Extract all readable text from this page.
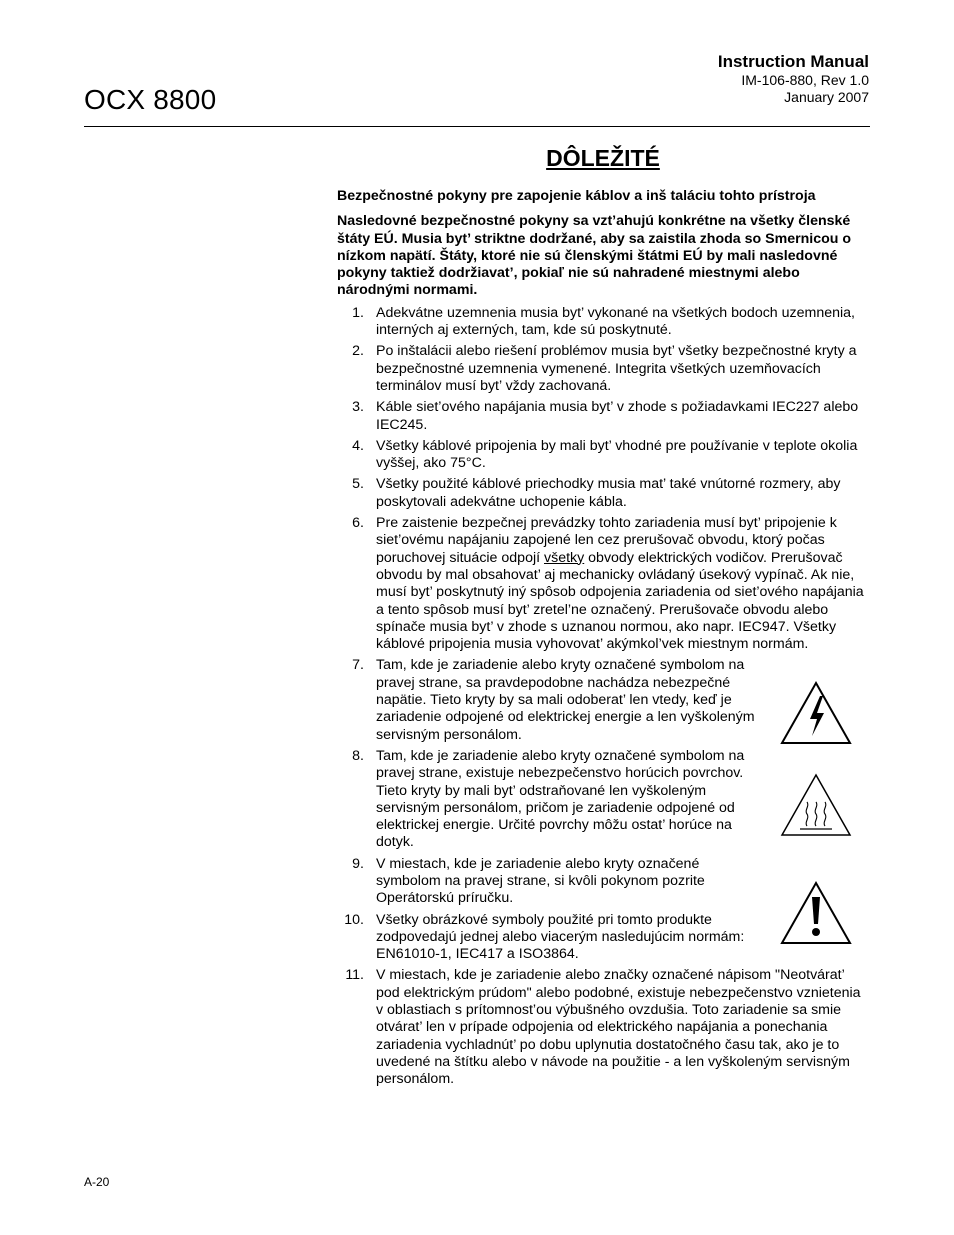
OCX 8800
Instruction Manual
IM-106-880, Rev 1.0
January 2007
DÔLEŽITÉ

Bezpečnostné pokyny pre zapojenie káblov a inš taláciu tohto prístroja

Nasledovné bezpečnostné pokyny sa vzt’ahujú konkrétne na všetky členské štáty EÚ. Musia byt’ striktne dodržané, aby sa zaistila zhoda so Smernicou o nízkom napätí. Štáty, ktoré nie sú členskými štátmi EÚ by mali nasledovné pokyny taktiež dodržiavat’, pokiaľ nie sú nahradené miestnymi alebo národnými normami.

1. Adekvátne uzemnenia musia byt’ vykonané na všetkých bodoch uzemnenia, interných aj externých, tam, kde sú poskytnuté.
2. Po inštalácii alebo riešení problémov musia byt’ všetky bezpečnostné kryty a bezpečnostné uzemnenia vymenené. Integrita všetkých uzemňovacích terminálov musí byt’ vždy zachovaná.
3. Káble siet’ového napájania musia byt’ v zhode s požiadavkami IEC227 alebo IEC245.
4. Všetky káblové pripojenia by mali byt’ vhodné pre používanie v teplote okolia vyššej, ako 75°C.
5. Všetky použité káblové priechodky musia mat’ také vnútorné rozmery, aby poskytovali adekvátne uchopenie kábla.
6. Pre zaistenie bezpečnej prevádzky tohto zariadenia musí byt’ pripojenie k siet’ovému napájaniu zapojené len cez prerušovač obvodu, ktorý počas poruchovej situácie odpojí všetky obvody elektrických vodičov. Prerušovač obvodu by mal obsahovat’ aj mechanicky ovládaný úsekový vypínač. Ak nie, musí byt’ poskytnutý iný spôsob odpojenia zariadenia od siet’ového napájania a tento spôsob musí byt’ zretel’ne označený. Prerušovače obvodu alebo spínače musia byt’ v zhode s uznanou normou, ako napr. IEC947. Všetky káblové pripojenia musia vyhovovat’ akýmkol’vek miestnym normám.
7. Tam, kde je zariadenie alebo kryty označené symbolom na pravej strane, sa pravdepodobne nachádza nebezpečné napätie. Tieto kryty by sa mali odoberat’ len vtedy, keď je zariadenie odpojené od elektrickej energie a len vyškoleným servisným personálom.
8. Tam, kde je zariadenie alebo kryty označené symbolom na pravej strane, existuje nebezpečenstvo horúcich povrchov. Tieto kryty by mali byt’ odstraňované len vyškoleným servisným personálom, pričom je zariadenie odpojené od elektrickej energie. Určité povrchy môžu ostat’ horúce na dotyk.
9. V miestach, kde je zariadenie alebo kryty označené symbolom na pravej strane, si kvôli pokynom pozrite Operátorskú príručku.
10. Všetky obrázkové symboly použité pri tomto produkte zodpovedajú jednej alebo viacerým nasledujúcim normám: EN61010-1, IEC417 a ISO3864.
11. V miestach, kde je zariadenie alebo značky označené nápisom "Neotvárat’ pod elektrickým prúdom" alebo podobné, existuje nebezpečenstvo vznietenia v oblastiach s prítomnost’ou výbušného ovzdušia. Toto zariadenie sa smie otvárat’ len v prípade odpojenia od elektrického napájania a ponechania zariadenia vychladnút’ po dobu uplynutia dostatočného času tak, ako je to uvedené na štítku alebo v návode na použitie - a len vyškoleným servisným personálom.
A-20
